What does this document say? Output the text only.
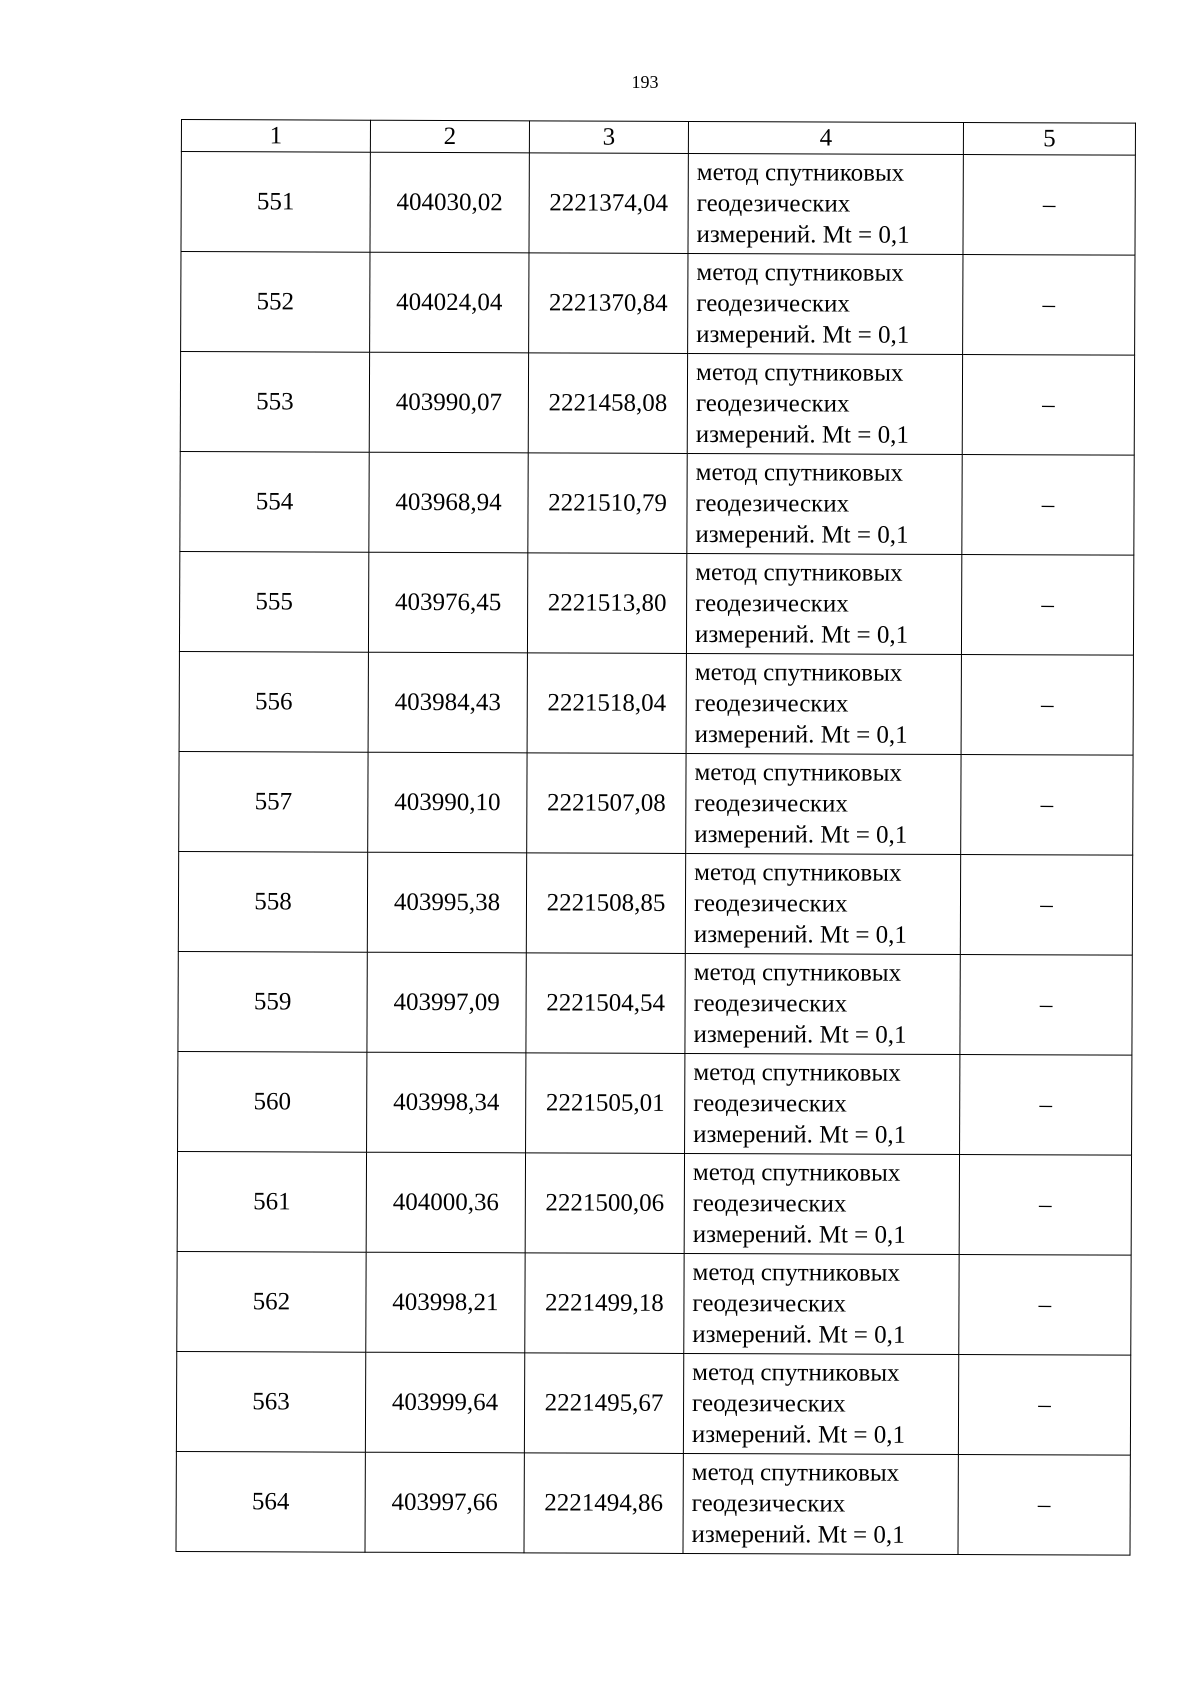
193
1	2	3	4	5
551	404030,02	2221374,04	метод спутниковых
геодезических
измерений. Mt = 0,1	–
552	404024,04	2221370,84	метод спутниковых
геодезических
измерений. Mt = 0,1	–
553	403990,07	2221458,08	метод спутниковых
геодезических
измерений. Mt = 0,1	–
554	403968,94	2221510,79	метод спутниковых
геодезических
измерений. Mt = 0,1	–
555	403976,45	2221513,80	метод спутниковых
геодезических
измерений. Mt = 0,1	–
556	403984,43	2221518,04	метод спутниковых
геодезических
измерений. Mt = 0,1	–
557	403990,10	2221507,08	метод спутниковых
геодезических
измерений. Mt = 0,1	–
558	403995,38	2221508,85	метод спутниковых
геодезических
измерений. Mt = 0,1	–
559	403997,09	2221504,54	метод спутниковых
геодезических
измерений. Mt = 0,1	–
560	403998,34	2221505,01	метод спутниковых
геодезических
измерений. Mt = 0,1	–
561	404000,36	2221500,06	метод спутниковых
геодезических
измерений. Mt = 0,1	–
562	403998,21	2221499,18	метод спутниковых
геодезических
измерений. Mt = 0,1	–
563	403999,64	2221495,67	метод спутниковых
геодезических
измерений. Mt = 0,1	–
564	403997,66	2221494,86	метод спутниковых
геодезических
измерений. Mt = 0,1	–
